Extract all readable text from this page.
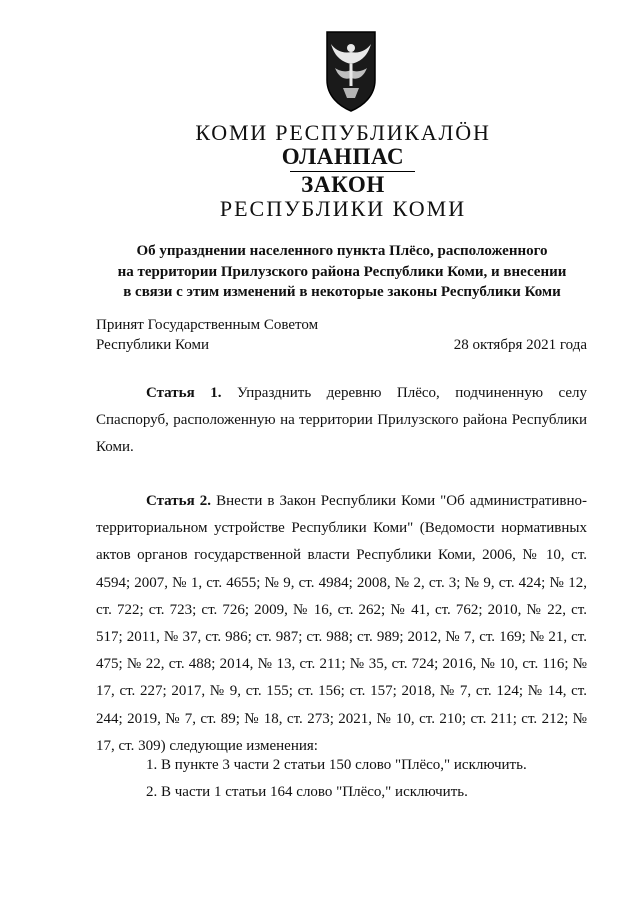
КОМИ РЕСПУБЛИКАЛӦН
ОЛАНПАС
ЗАКОН
РЕСПУБЛИКИ КОМИ
Об упразднении населенного пункта Плёсо, расположенного
на территории Прилузского района Республики Коми, и внесении
в связи с этим изменений в некоторые законы Республики Коми
Принят Государственным Советом
Республики Коми	28 октября 2021 года
Статья 1. Упразднить деревню Плёсо, подчиненную селу Спаспоруб, расположенную на территории Прилузского района Республики Коми.
Статья 2. Внести в Закон Республики Коми "Об административно-территориальном устройстве Республики Коми" (Ведомости нормативных актов органов государственной власти Республики Коми, 2006, № 10, ст. 4594; 2007, № 1, ст. 4655; № 9, ст. 4984; 2008, № 2, ст. 3; № 9, ст. 424; № 12, ст. 722; ст. 723; ст. 726; 2009, № 16, ст. 262; № 41, ст. 762; 2010, № 22, ст. 517; 2011, № 37, ст. 986; ст. 987; ст. 988; ст. 989; 2012, № 7, ст. 169; № 21, ст. 475; № 22, ст. 488; 2014, № 13, ст. 211; № 35, ст. 724; 2016, № 10, ст. 116; № 17, ст. 227; 2017, № 9, ст. 155; ст. 156; ст. 157; 2018, № 7, ст. 124; № 14, ст. 244; 2019, № 7, ст. 89; № 18, ст. 273; 2021, № 10, ст. 210; ст. 211; ст. 212; № 17, ст. 309) следующие изменения:
1. В пункте 3 части 2 статьи 150 слово "Плёсо," исключить.
2. В части 1 статьи 164 слово "Плёсо," исключить.
